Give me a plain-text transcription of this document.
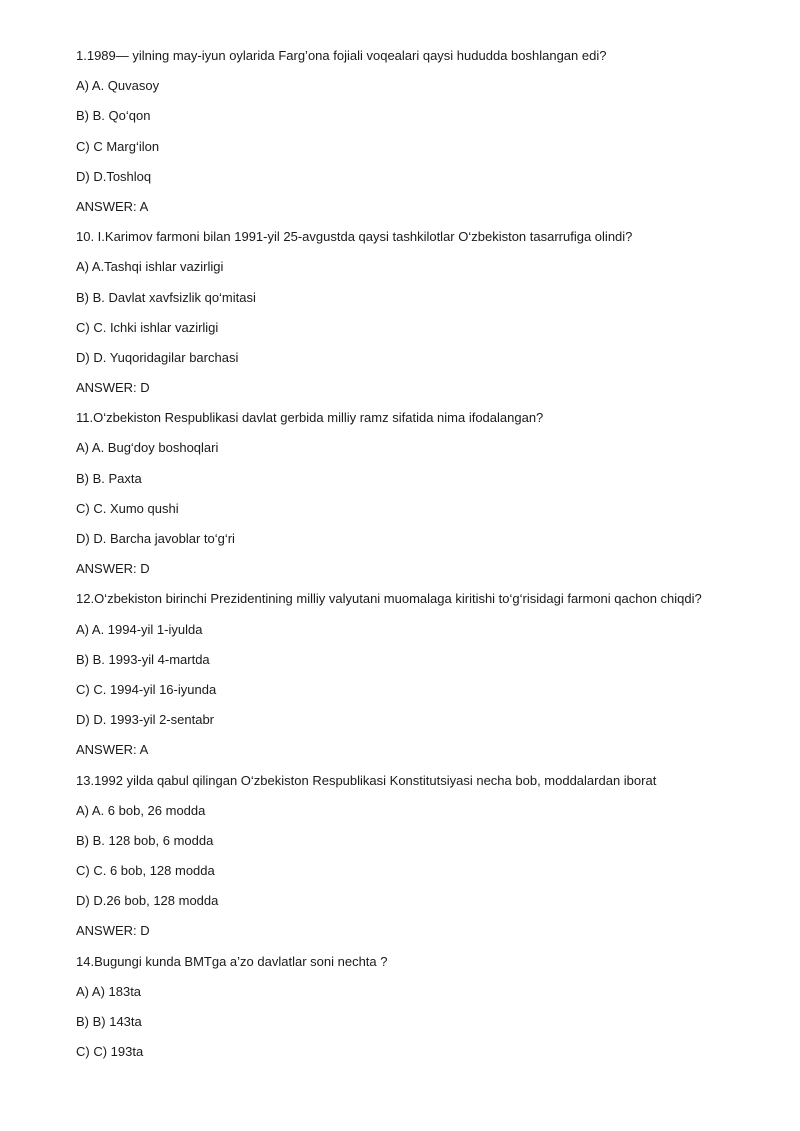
1.1989— yilning may-iyun oylarida Farg’ona fojiali voqealari qaysi hududda boshlangan edi?
A) A. Quvasoy
B) B. Qo‘qon
C) C Marg‘ilon
D) D.Toshloq
ANSWER: A
10. I.Karimov farmoni bilan 1991-yil 25-avgustda qaysi tashkilotlar O‘zbekiston tasarrufiga olindi?
A) A.Tashqi ishlar vazirligi
B) B. Davlat xavfsizlik qo‘mitasi
C) C. Ichki ishlar vazirligi
D) D. Yuqoridagilar barchasi
ANSWER: D
11.O‘zbekiston Respublikasi davlat gerbida milliy ramz sifatida nima ifodalangan?
A) A. Bug‘doy boshoqlari
B) B. Paxta
C) C. Xumo qushi
D) D. Barcha javoblar to‘g‘ri
ANSWER: D
12.O‘zbekiston birinchi Prezidentining milliy valyutani muomalaga kiritishi to‘g‘risidagi farmoni qachon chiqdi?
A) A. 1994-yil 1-iyulda
B) B. 1993-yil 4-martda
C) C. 1994-yil 16-iyunda
D) D. 1993-yil 2-sentabr
ANSWER: A
13.1992 yilda qabul qilingan O‘zbekiston Respublikasi Konstitutsiyasi necha bob, moddalardan iborat
A) A. 6 bob, 26 modda
B) B. 128 bob, 6 modda
C) C. 6 bob, 128 modda
D) D.26 bob, 128 modda
ANSWER: D
14.Bugungi kunda BMTga a’zo davlatlar soni nechta ?
A) A) 183ta
B) B) 143ta
C) C) 193ta
